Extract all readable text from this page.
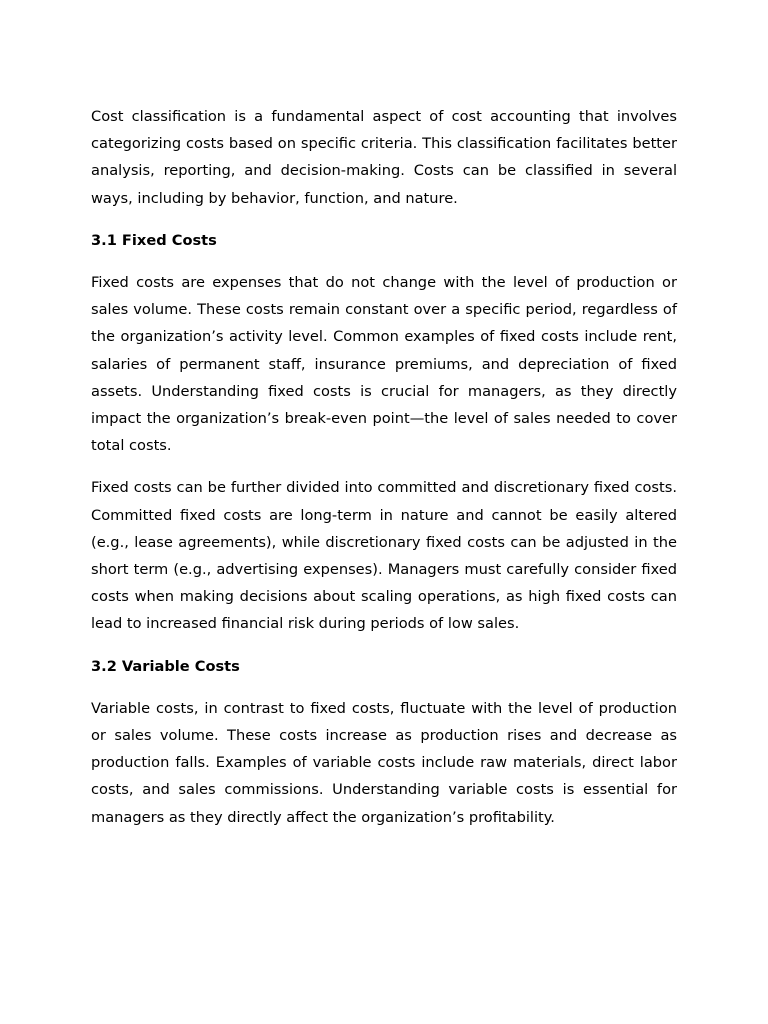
Cost classification is a fundamental aspect of cost accounting that involves categorizing costs based on specific criteria. This classification facilitates better analysis, reporting, and decision-making. Costs can be classified in several ways, including by behavior, function, and nature.

3.1 Fixed Costs

Fixed costs are expenses that do not change with the level of production or sales volume. These costs remain constant over a specific period, regardless of the organization’s activity level. Common examples of fixed costs include rent, salaries of permanent staff, insurance premiums, and depreciation of fixed assets. Understanding fixed costs is crucial for managers, as they directly impact the organization’s break-even point—the level of sales needed to cover total costs.

Fixed costs can be further divided into committed and discretionary fixed costs. Committed fixed costs are long-term in nature and cannot be easily altered (e.g., lease agreements), while discretionary fixed costs can be adjusted in the short term (e.g., advertising expenses). Managers must carefully consider fixed costs when making decisions about scaling operations, as high fixed costs can lead to increased financial risk during periods of low sales.

3.2 Variable Costs

Variable costs, in contrast to fixed costs, fluctuate with the level of production or sales volume. These costs increase as production rises and decrease as production falls. Examples of variable costs include raw materials, direct labor costs, and sales commissions. Understanding variable costs is essential for managers as they directly affect the organization’s profitability.
